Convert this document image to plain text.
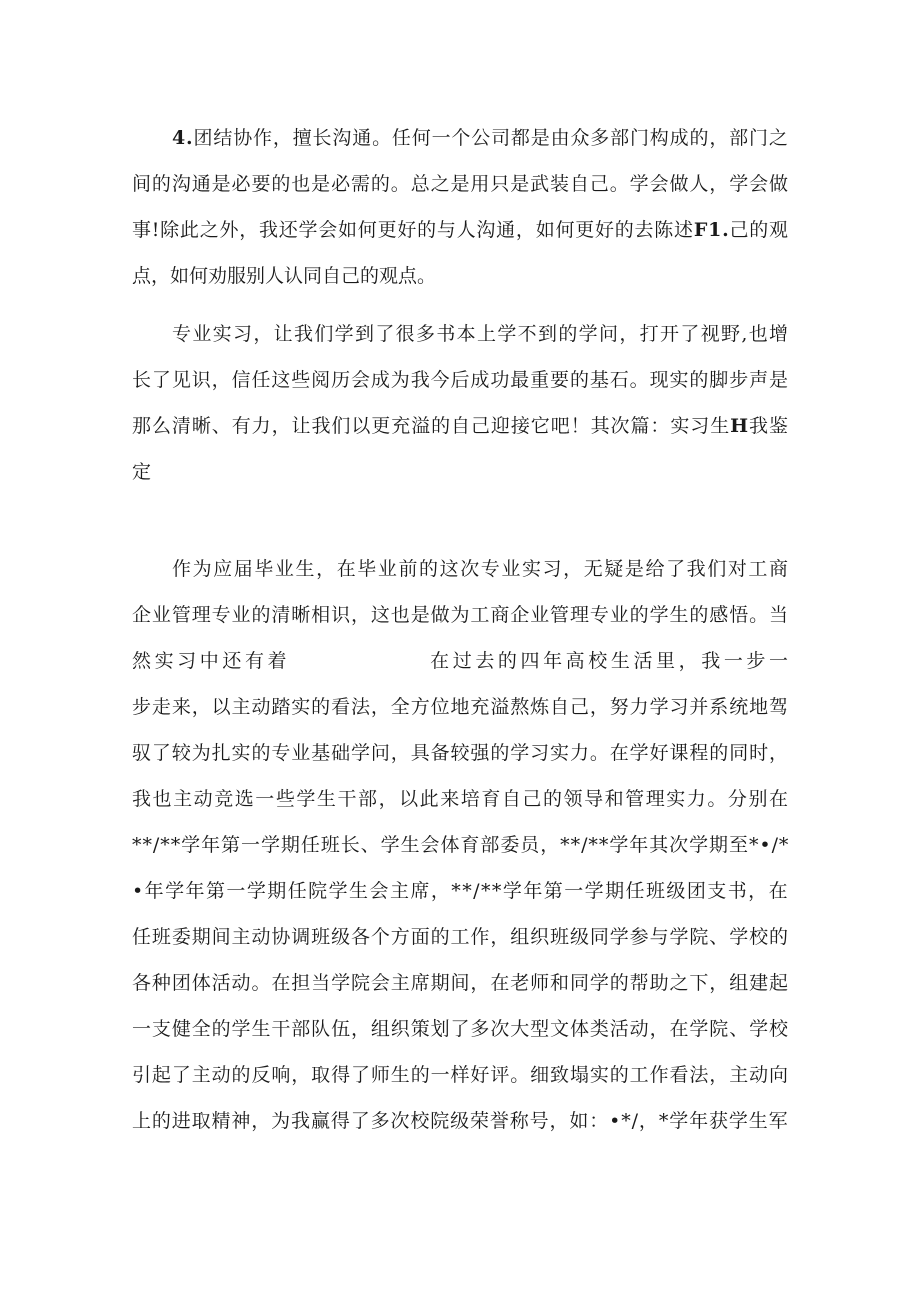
4.团结协作，擅长沟通。任何一个公司都是由众多部门构成的，部门之
间的沟通是必要的也是必需的。总之是用只是武装自己。学会做人，学会做
事!除此之外，我还学会如何更好的与人沟通，如何更好的去陈述F1.己的观
点，如何劝服别人认同自己的观点。
专业实习，让我们学到了很多书本上学不到的学问，打开了视野,也增
长了见识，信任这些阅历会成为我今后成功最重要的基石。现实的脚步声是
那么清晰、有力，让我们以更充溢的自己迎接它吧！其次篇：实习生H我鉴
定
作为应届毕业生，在毕业前的这次专业实习，无疑是给了我们对工商
企业管理专业的清晰相识，这也是做为工商企业管理专业的学生的感悟。当
然实习中还有着	在过去的四年高校生活里，我一步一
步走来，以主动踏实的看法，全方位地充溢熬炼自己，努力学习并系统地驾
驭了较为扎实的专业基础学问，具备较强的学习实力。在学好课程的同时，
我也主动竞选一些学生干部，以此来培育自己的领导和管理实力。分别在
**/**学年第一学期任班长、学生会体育部委员，**/**学年其次学期至*•/*
•年学年第一学期任院学生会主席，**/**学年第一学期任班级团支书，在
任班委期间主动协调班级各个方面的工作，组织班级同学参与学院、学校的
各种团体活动。在担当学院会主席期间，在老师和同学的帮助之下，组建起
一支健全的学生干部队伍，组织策划了多次大型文体类活动，在学院、学校
引起了主动的反响，取得了师生的一样好评。细致塌实的工作看法，主动向
上的进取精神，为我赢得了多次校院级荣誉称号，如：•*/，*学年获学生军
